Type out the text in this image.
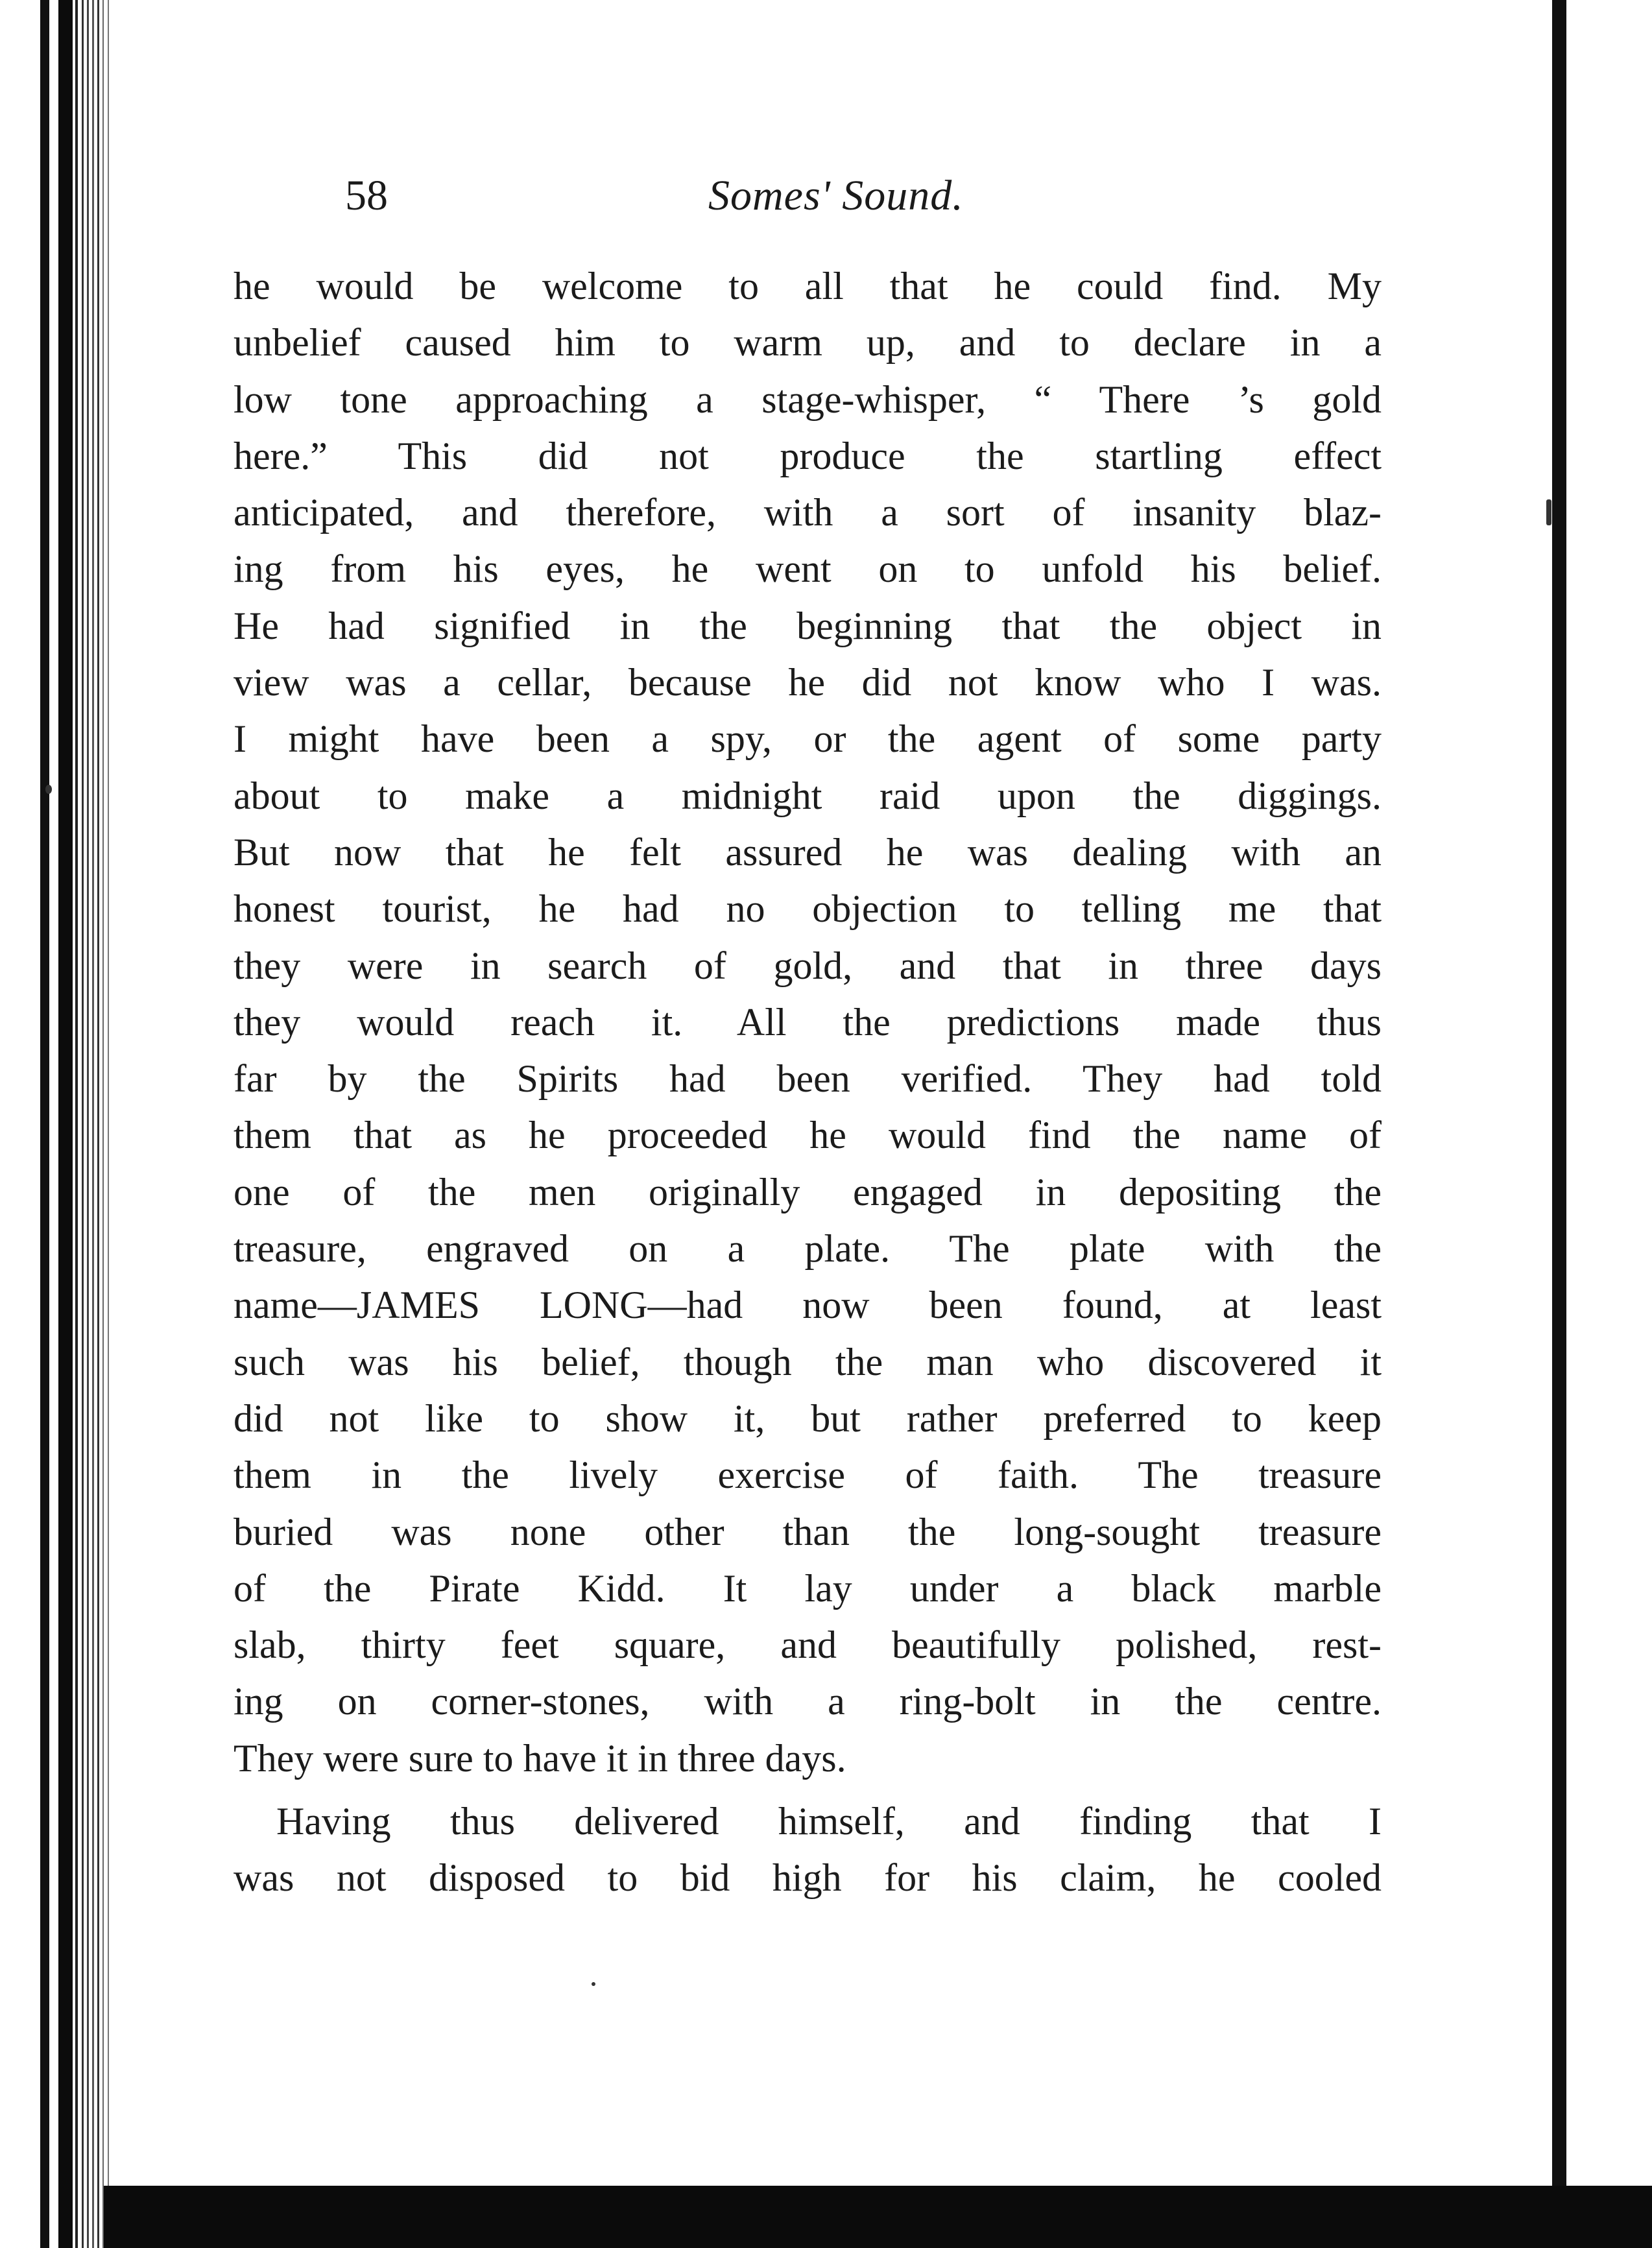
58	Somes' Sound.
he would be welcome to all that he could find. My
unbelief caused him to warm up, and to declare in a
low tone approaching a stage-whisper, “ There ’s gold
here.” This did not produce the startling effect
anticipated, and therefore, with a sort of insanity blaz-
ing from his eyes, he went on to unfold his belief.
He had signified in the beginning that the object in
view was a cellar, because he did not know who I was.
I might have been a spy, or the agent of some party
about to make a midnight raid upon the diggings.
But now that he felt assured he was dealing with an
honest tourist, he had no objection to telling me that
they were in search of gold, and that in three days
they would reach it. All the predictions made thus
far by the Spirits had been verified. They had told
them that as he proceeded he would find the name of
one of the men originally engaged in depositing the
treasure, engraved on a plate. The plate with the
name—JAMES LONG—had now been found, at least
such was his belief, though the man who discovered it
did not like to show it, but rather preferred to keep
them in the lively exercise of faith. The treasure
buried was none other than the long-sought treasure
of the Pirate Kidd. It lay under a black marble
slab, thirty feet square, and beautifully polished, rest-
ing on corner-stones, with a ring-bolt in the centre.
They were sure to have it in three days.
Having thus delivered himself, and finding that I
was not disposed to bid high for his claim, he cooled
